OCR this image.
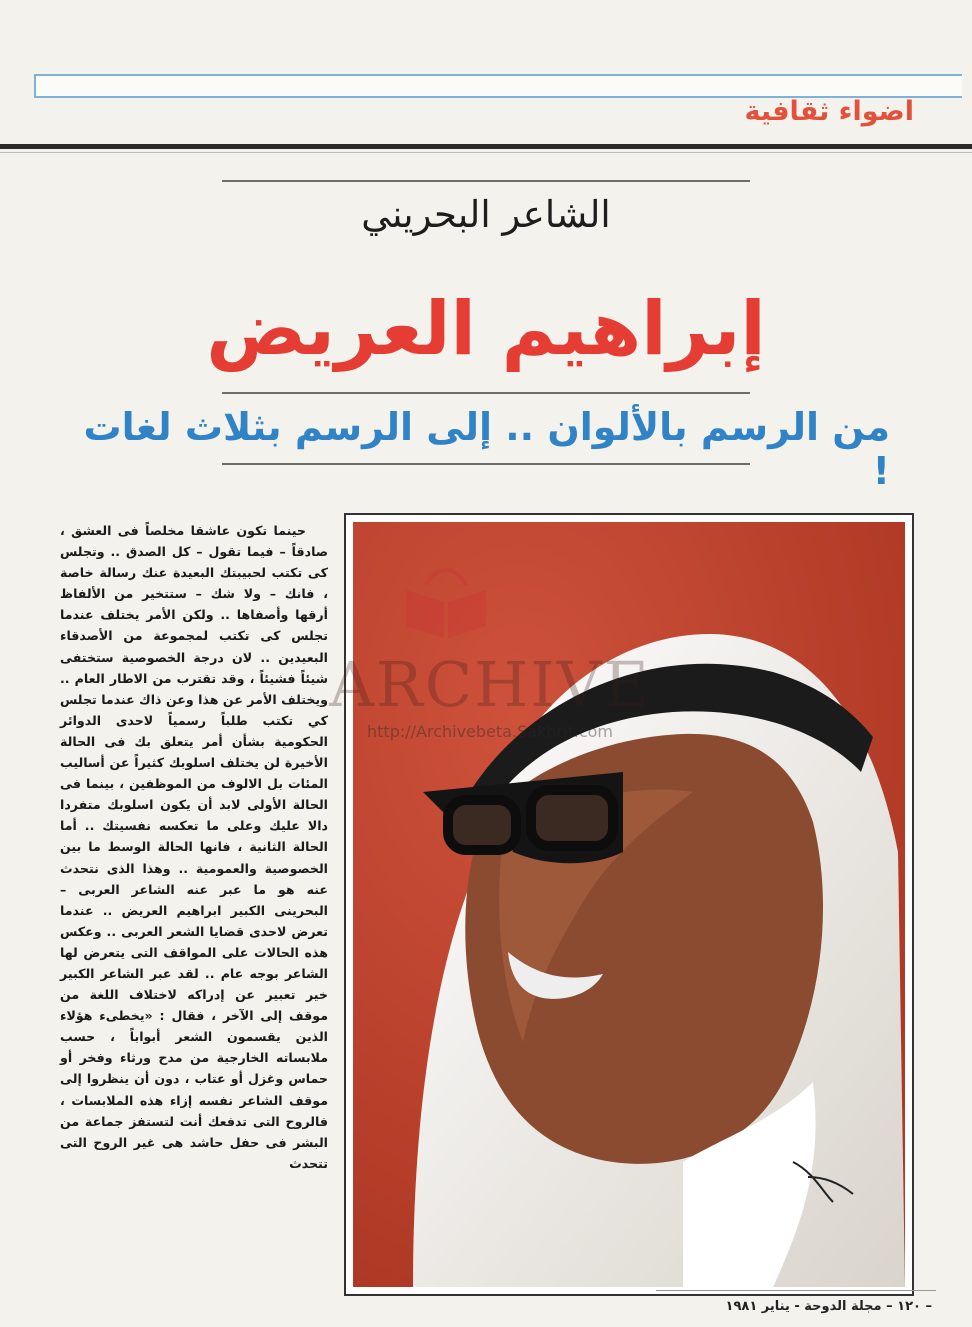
اضواء ثقافية
الشاعر البحريني
إبراهيم العريض
من الرسم بالألوان .. إلى الرسم بثلاث لغات !

حينما تكون عاشقا مخلصاً فى العشق ، صادقاً – فيما تقول – كل الصدق .. وتجلس كى تكتب لحبيبتك البعيدة عنك رسالة خاصة ، فانك – ولا شك – ستتخير من الألفاظ أرقها وأصفاها .. ولكن الأمر يختلف عندما تجلس كى تكتب لمجموعة من الأصدقاء البعيدين .. لان درجة الخصوصية ستختفى شيئاً فشيئاً ، وقد تقترب من الاطار العام .. ويختلف الأمر عن هذا وعن ذاك عندما تجلس كي تكتب طلباً رسمياً لاحدى الدوائر الحكومية بشأن أمر يتعلق بك فى الحالة الأخيرة لن يختلف اسلوبك كثيراً عن أساليب المئات بل الالوف من الموظفين ، بينما فى الحالة الأولى لابد أن يكون اسلوبك متفردا دالا عليك وعلى ما تعكسه نفسيتك .. أما الحالة الثانية ، فانها الحالة الوسط ما بين الخصوصية والعمومية .. وهذا الذى نتحدث عنه هو ما عبر عنه الشاعر العربى – البحرينى الكبير ابراهيم العريض .. عندما تعرض لاحدى قضايا الشعر العربى .. وعكس هذه الحالات على المواقف التى يتعرض لها الشاعر بوجه عام .. لقد عبر الشاعر الكبير خير تعبير عن إدراكه لاختلاف اللغة من موقف إلى الآخر ، فقال : «يخطىء هؤلاء الذين يقسمون الشعر أبواباً ، حسب ملابساته الخارجية من مدح ورثاء وفخر أو حماس وغزل أو عتاب ، دون أن ينظروا إلى موقف الشاعر نفسه إزاء هذه الملابسات ، فالروح التى تدفعك أنت لتستفز جماعة من البشر فى حفل حاشد هى غير الروح التى تتحدث

ARCHIVE
http://Archivebeta.Sakhrit.com
– ١٢٠ – مجلة الدوحة - يناير ١٩٨١
